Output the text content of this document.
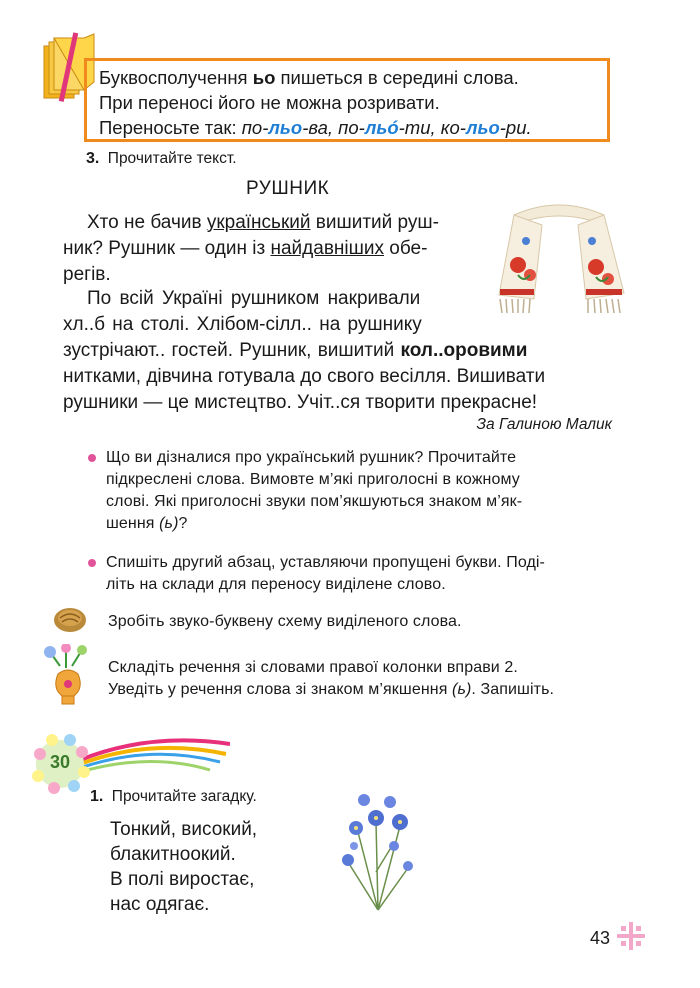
Буквосполучення ьо пишеться в середині слова.
При переносі його не можна розривати.
Переносьте так: по-льо-ва, по-льó-ти, ко-льо-ри.
3. Прочитайте текст.
РУШНИК
Хто не бачив український вишитий руш-
ник? Рушник — один із найдавніших обе-
регів.
По всій Україні рушником накривали
хл..б на столі. Хлібом-сілл.. на рушнику
зустрічают.. гостей. Рушник, вишитий кол..оровими
нитками, дівчина готувала до свого весілля. Вишивати
рушники — це мистецтво. Учіт..ся творити прекрасне!
За Галиною Малик
Що ви дізналися про український рушник? Прочитайте
підкреслені слова. Вимовте м’які приголосні в кожному
слові. Які приголосні звуки пом’якшуються знаком м’як-
шення (ь)?
Спишіть другий абзац, уставляючи пропущені букви. Поді-
літь на склади для переносу виділене слово.
Зробіть звуко-буквену схему виділеного слова.
Складіть речення зі словами правої колонки вправи 2.
Уведіть у речення слова зі знаком м’якшення (ь). Запишіть.
30
1. Прочитайте загадку.
Тонкий, високий,
блакитноокий.
В полі виростає,
нас одягає.
43
